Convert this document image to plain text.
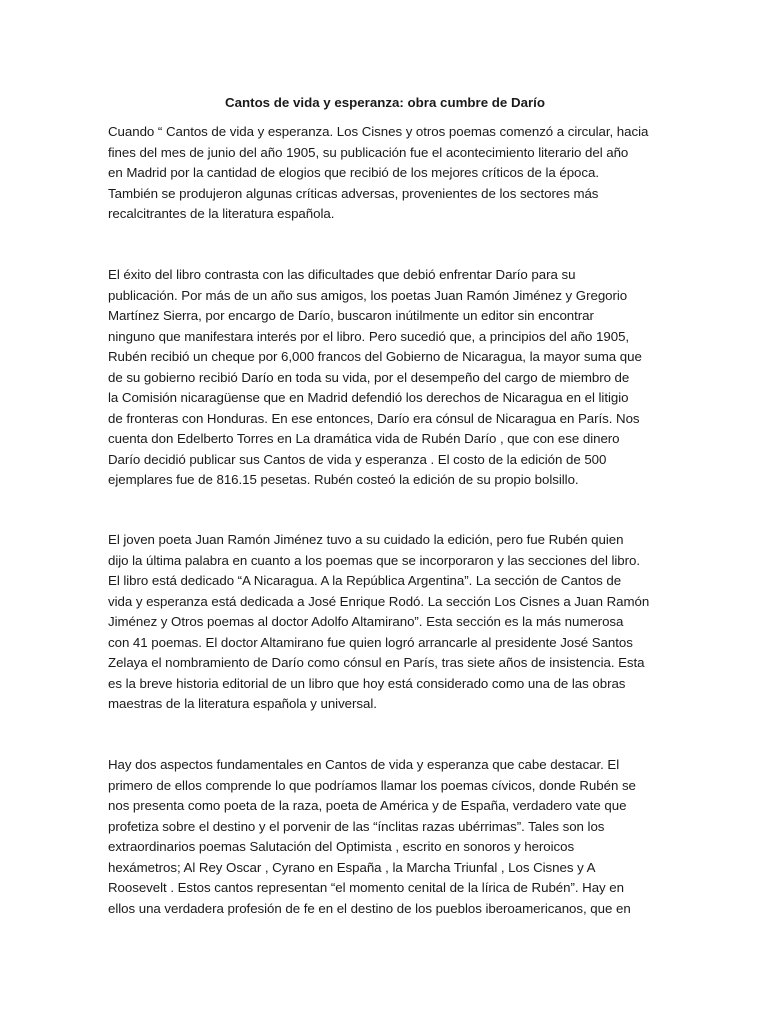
Cantos de vida y esperanza: obra cumbre de Darío

Cuando “ Cantos de vida y esperanza. Los Cisnes y otros poemas comenzó a circular, hacia
fines del mes de junio del año 1905, su publicación fue el acontecimiento literario del año
en Madrid por la cantidad de elogios que recibió de los mejores críticos de la época.
También se produjeron algunas críticas adversas, provenientes de los sectores más
recalcitrantes de la literatura española.

El éxito del libro contrasta con las dificultades que debió enfrentar Darío para su
publicación. Por más de un año sus amigos, los poetas Juan Ramón Jiménez y Gregorio
Martínez Sierra, por encargo de Darío, buscaron inútilmente un editor sin encontrar
ninguno que manifestara interés por el libro. Pero sucedió que, a principios del año 1905,
Rubén recibió un cheque por 6,000 francos del Gobierno de Nicaragua, la mayor suma que
de su gobierno recibió Darío en toda su vida, por el desempeño del cargo de miembro de
la Comisión nicaragüense que en Madrid defendió los derechos de Nicaragua en el litigio
de fronteras con Honduras. En ese entonces, Darío era cónsul de Nicaragua en París. Nos
cuenta don Edelberto Torres en La dramática vida de Rubén Darío , que con ese dinero
Darío decidió publicar sus Cantos de vida y esperanza . El costo de la edición de 500
ejemplares fue de 816.15 pesetas. Rubén costeó la edición de su propio bolsillo.

El joven poeta Juan Ramón Jiménez tuvo a su cuidado la edición, pero fue Rubén quien
dijo la última palabra en cuanto a los poemas que se incorporaron y las secciones del libro.
El libro está dedicado “A Nicaragua. A la República Argentina”. La sección de Cantos de
vida y esperanza está dedicada a José Enrique Rodó. La sección Los Cisnes a Juan Ramón
Jiménez y Otros poemas al doctor Adolfo Altamirano”. Esta sección es la más numerosa
con 41 poemas. El doctor Altamirano fue quien logró arrancarle al presidente José Santos
Zelaya el nombramiento de Darío como cónsul en París, tras siete años de insistencia. Esta
es la breve historia editorial de un libro que hoy está considerado como una de las obras
maestras de la literatura española y universal.

Hay dos aspectos fundamentales en Cantos de vida y esperanza que cabe destacar. El
primero de ellos comprende lo que podríamos llamar los poemas cívicos, donde Rubén se
nos presenta como poeta de la raza, poeta de América y de España, verdadero vate que
profetiza sobre el destino y el porvenir de las “ínclitas razas ubérrimas”. Tales son los
extraordinarios poemas Salutación del Optimista , escrito en sonoros y heroicos
hexámetros; Al Rey Oscar , Cyrano en España , la Marcha Triunfal , Los Cisnes y A
Roosevelt . Estos cantos representan “el momento cenital de la lírica de Rubén”. Hay en
ellos una verdadera profesión de fe en el destino de los pueblos iberoamericanos, que en
